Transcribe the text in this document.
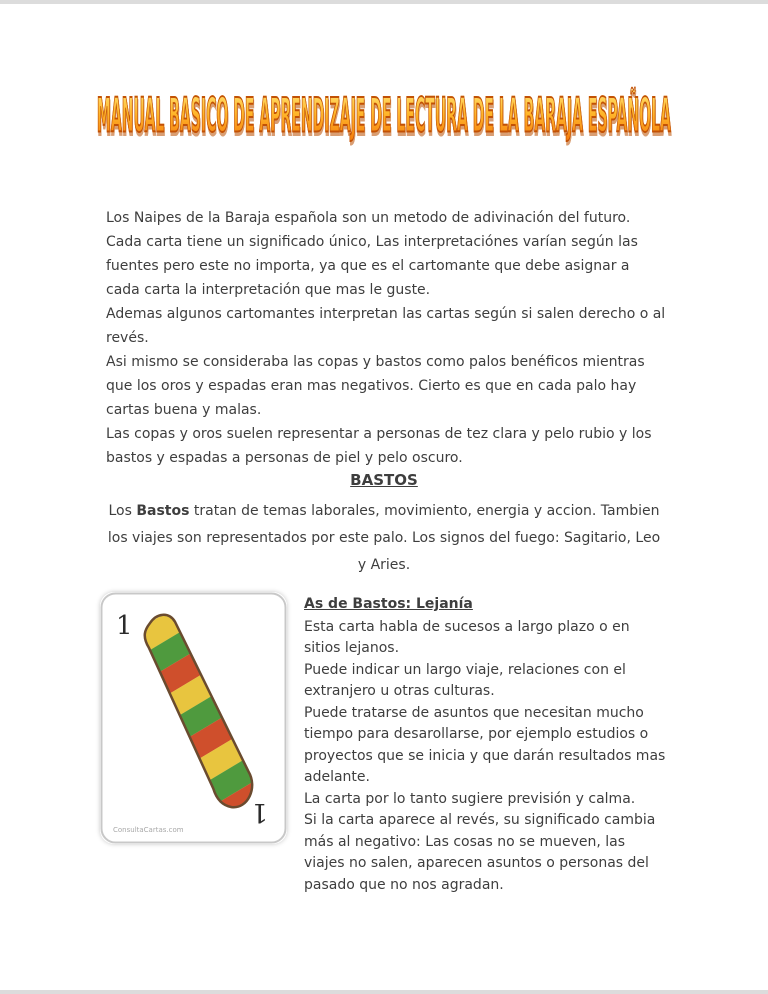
MANUAL BASICO DE APRENDIZAJE DE LECTURA DE LA BARAJA ESPAÑOLA
Los Naipes de la Baraja española son un metodo de adivinación del futuro.
Cada carta tiene un significado único, Las interpretaciónes varían según las
fuentes pero este no importa, ya que es el cartomante que debe asignar a
cada carta la interpretación que mas le guste.
Ademas algunos cartomantes interpretan las cartas según si salen derecho o al
revés.
Asi mismo se consideraba las copas y bastos como palos benéficos mientras
que los oros y espadas eran mas negativos. Cierto es que en cada palo hay
cartas buena y malas.
Las copas y oros suelen representar a personas de tez clara y pelo rubio y los
bastos y espadas a personas de piel y pelo oscuro.
BASTOS
Los Bastos tratan de temas laborales, movimiento, energia y accion. Tambien
los viajes son representados por este palo. Los signos del fuego: Sagitario, Leo
y Aries.
1
1
ConsultaCartas.com
As de Bastos: Lejanía
Esta carta habla de sucesos a largo plazo o en
sitios lejanos.
Puede indicar un largo viaje, relaciones con el
extranjero u otras culturas.
Puede tratarse de asuntos que necesitan mucho
tiempo para desarollarse, por ejemplo estudios o
proyectos que se inicia y que darán resultados mas
adelante.
La carta por lo tanto sugiere previsión y calma.
Si la carta aparece al revés, su significado cambia
más al negativo: Las cosas no se mueven, las
viajes no salen, aparecen asuntos o personas del
pasado que no nos agradan.
